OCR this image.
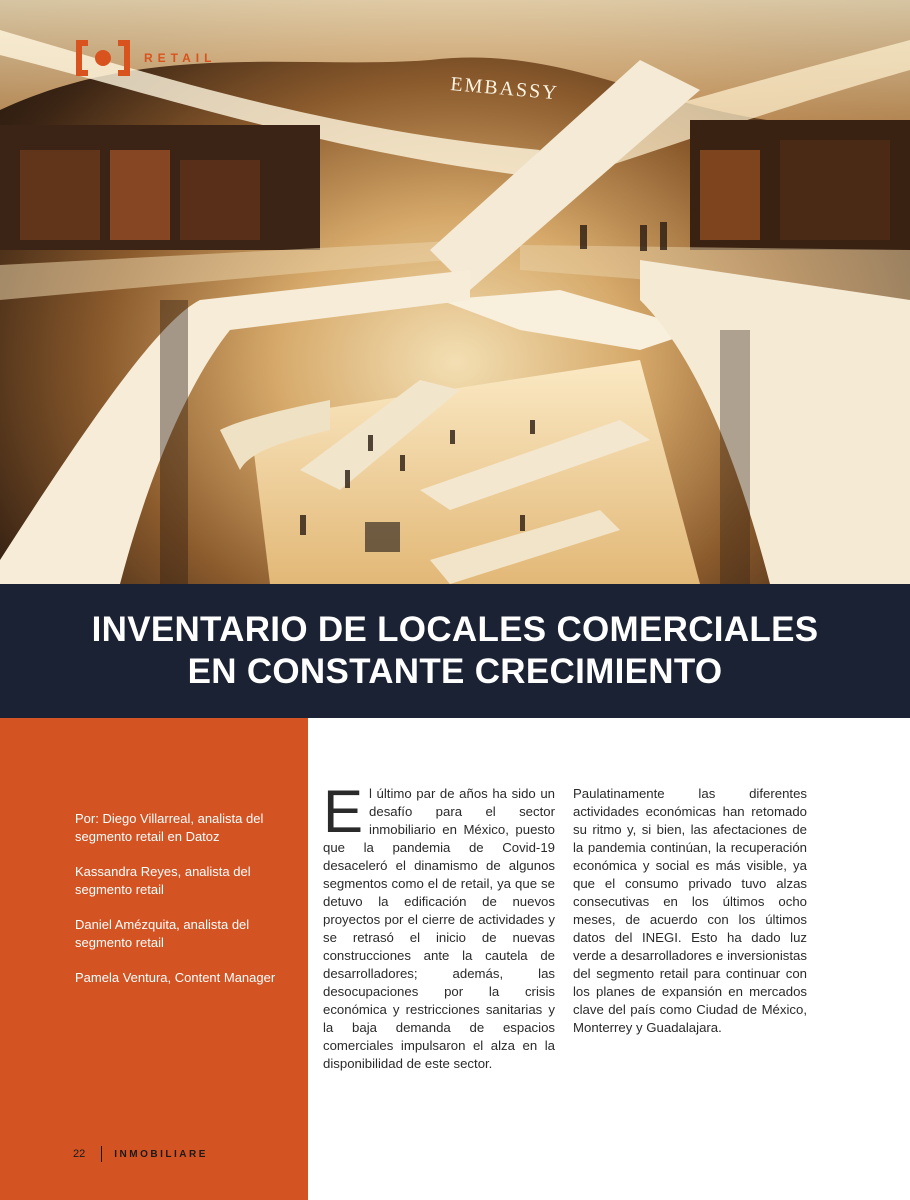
EMBASSY
RETAIL
INVENTARIO DE LOCALES COMERCIALES
EN CONSTANTE CRECIMIENTO

Por: Diego Villarreal, analista del segmento retail en Datoz

Kassandra Reyes, analista del segmento retail

Daniel Amézquita, analista del segmento retail

Pamela Ventura, Content Manager

22	INMOBILIARE
E l último par de años ha sido un desafío para el sector inmobiliario en México, puesto que la pandemia de Covid-19 desaceleró el dinamismo de algunos segmentos como el de retail, ya que se detuvo la edificación de nuevos proyectos por el cierre de actividades y se retrasó el inicio de nuevas construcciones ante la cautela de desarrolladores; además, las desocupaciones por la crisis económica y restricciones sanitarias y la baja demanda de espacios comerciales impulsaron el alza en la disponibilidad de este sector.

Paulatinamente las diferentes actividades económicas han retomado su ritmo y, si bien, las afectaciones de la pandemia continúan, la recuperación económica y social es más visible, ya que el consumo privado tuvo alzas consecutivas en los últimos ocho meses, de acuerdo con los últimos datos del INEGI. Esto ha dado luz verde a desarrolladores e inversionistas del segmento retail para continuar con los planes de expansión en mercados clave del país como Ciudad de México, Monterrey y Guadalajara.
